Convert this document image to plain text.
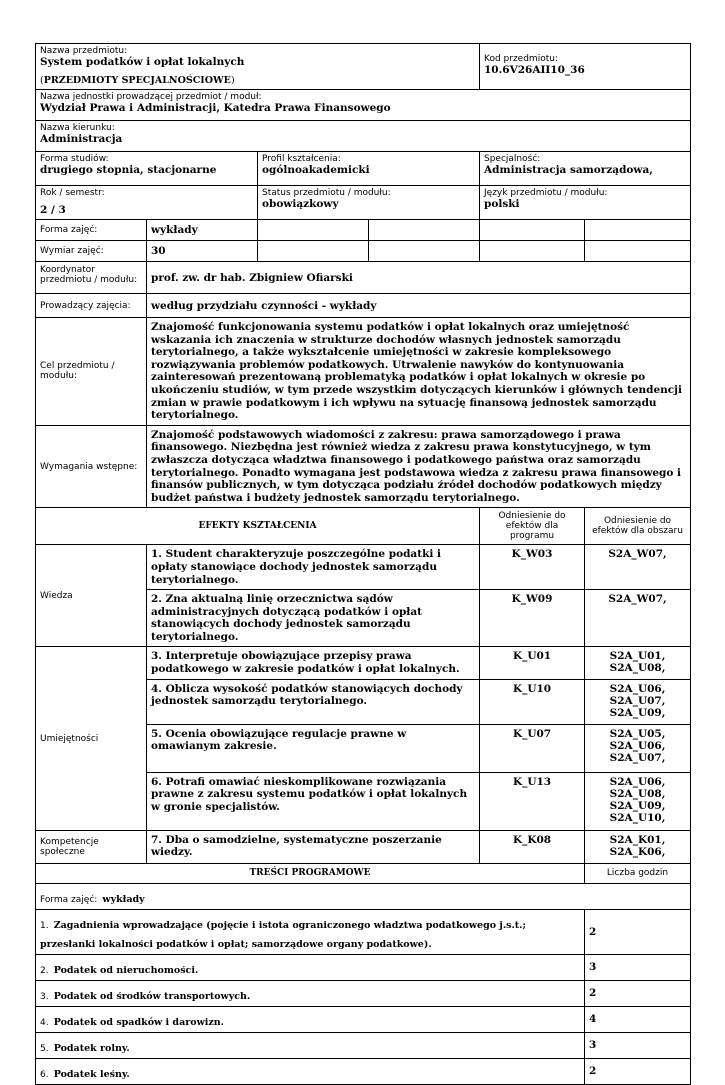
Nazwa przedmiotu:
System podatków i opłat lokalnych
(PRZEDMIOTY SPECJALNOŚCIOWE)		Kod przedmiotu:
10.6V26AII10_36

Nazwa jednostki prowadzącej przedmiot / moduł:
Wydział Prawa i Administracji, Katedra Prawa Finansowego		

Nazwa kierunku:
Administracja		

Forma studiów:
drugiego stopnia, stacjonarne	Profil kształcenia:
ogólnoakademicki	Specjalność:
Administracja samorządowa,

Rok / semestr:
2 / 3	Status przedmiotu / modułu:
obowiązkowy	Język przedmiotu / modułu:
polski
Forma zajęć:	wykłady				
Wymiar zajęć:	30				
Koordynator przedmiotu / modułu:	prof. zw. dr hab. Zbigniew Ofiarski				
Prowadzący zajęcia:	według przydziału czynności - wykłady				
Cel przedmiotu / modułu:	Znajomość funkcjonowania systemu podatków i opłat lokalnych oraz umiejętność wskazania ich znaczenia w strukturze dochodów własnych jednostek samorządu terytorialnego, a także wykształcenie umiejętności w zakresie kompleksowego rozwiązywania problemów podatkowych. Utrwalenie nawyków do kontynuowania zainteresowań prezentowaną problematyką podatków i opłat lokalnych w okresie po ukończeniu studiów, w tym przede wszystkim dotyczących kierunków i głównych tendencji zmian w prawie podatkowym i ich wpływu na sytuację finansową jednostek samorządu terytorialnego.				
Wymagania wstępne:	Znajomość podstawowych wiadomości z zakresu: prawa samorządowego i prawa finansowego. Niezbędna jest również wiedza z zakresu prawa konstytucyjnego, w tym zwłaszcza dotycząca władztwa finansowego i podatkowego państwa oraz samorządu terytorialnego. Ponadto wymagana jest podstawowa wiedza z zakresu prawa finansowego i finansów publicznych, w tym dotycząca podziału źródeł dochodów podatkowych między budżet państwa i budżety jednostek samorządu terytorialnego.				
EFEKTY KSZTAŁCENIA		Odniesienie do efektów dla programu	Odniesienie do efektów dla obszaru
Wiedza	1. Student charakteryzuje poszczególne podatki i opłaty stanowiące dochody jednostek samorządu terytorialnego.	K_W03	S2A_W07,

	2. Zna aktualną linię orzecznictwa sądów administracyjnych dotyczącą podatków i opłat stanowiących dochody jednostek samorządu terytorialnego.	K_W09	S2A_W07,

Umiejętności	3. Interpretuje obowiązujące przepisy prawa podatkowego w zakresie podatków i opłat lokalnych.	K_U01	S2A_U01,
S2A_U08,

	4. Oblicza wysokość podatków stanowiących dochody jednostek samorządu terytorialnego.	K_U10	S2A_U06,
S2A_U07,
S2A_U09,

	5. Ocenia obowiązujące regulacje prawne w omawianym zakresie.	K_U07	S2A_U05,
S2A_U06,
S2A_U07,

	6. Potrafi omawiać nieskomplikowane rozwiązania prawne z zakresu systemu podatków i opłat lokalnych w gronie specjalistów.	K_U13	S2A_U06,
S2A_U08,
S2A_U09,
S2A_U10,

Kompetencje społeczne	7. Dba o samodzielne, systematyczne poszerzanie wiedzy.	K_K08	S2A_K01,
S2A_K06,
TREŚCI PROGRAMOWE	Liczba godzin
Forma zajęć: wykłady	
1. Zagadnienia wprowadzające (pojęcie i istota ograniczonego władztwa podatkowego j.s.t.; przesłanki lokalności podatków i opłat; samorządowe organy podatkowe).	2
2. Podatek od nieruchomości.	3
3. Podatek od środków transportowych.	2
4. Podatek od spadków i darowizn.	4
5. Podatek rolny.	3
6. Podatek leśny.	2
